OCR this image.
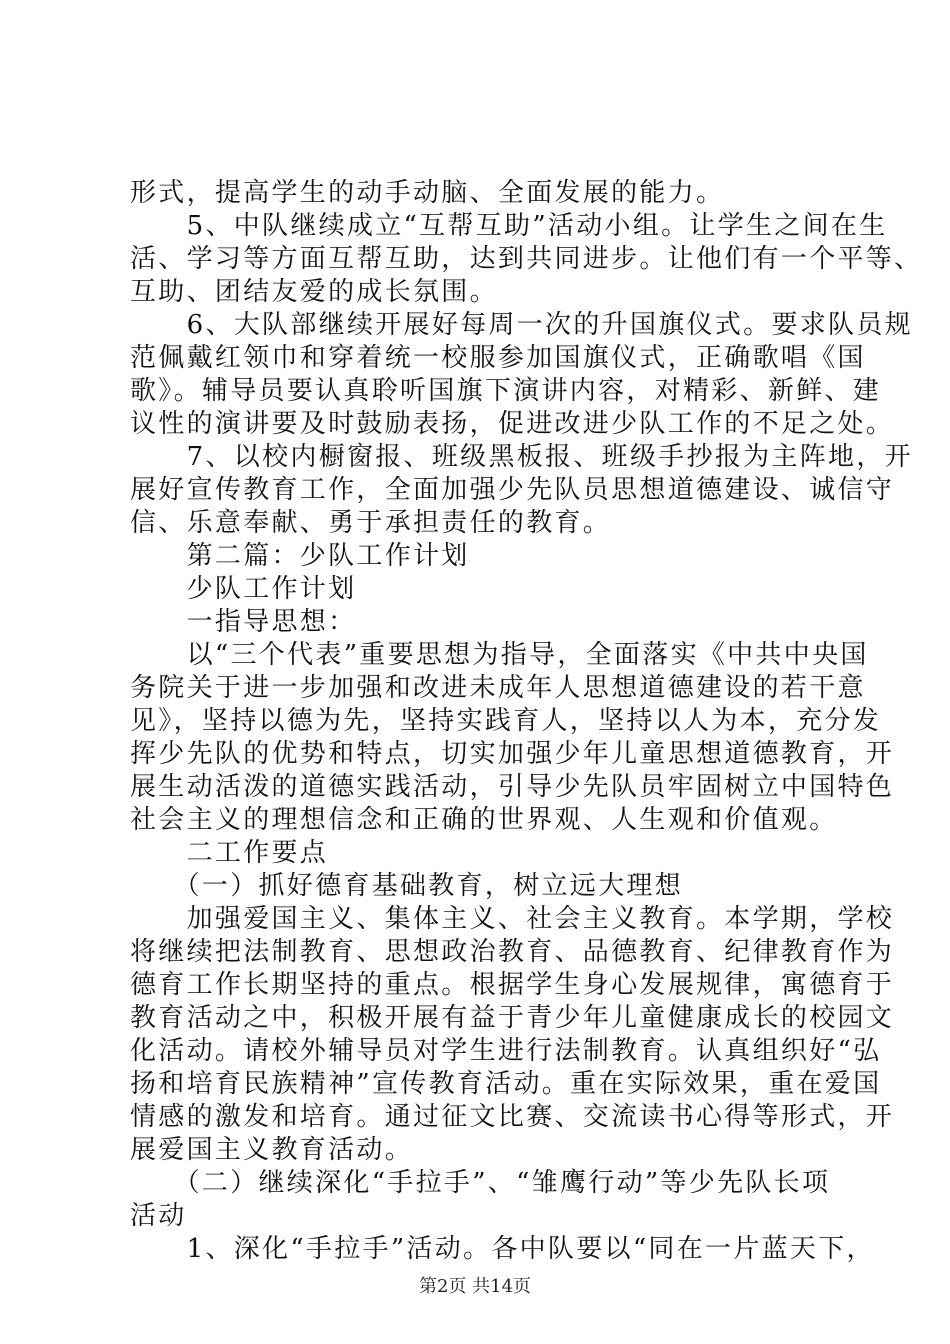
形式，提高学生的动手动脑、全面发展的能力。
　　5、中队继续成立“互帮互助”活动小组。让学生之间在生
活、学习等方面互帮互助，达到共同进步。让他们有一个平等、
互助、团结友爱的成长氛围。
　　6、大队部继续开展好每周一次的升国旗仪式。要求队员规
范佩戴红领巾和穿着统一校服参加国旗仪式，正确歌唱《国
歌》。辅导员要认真聆听国旗下演讲内容，对精彩、新鲜、建
议性的演讲要及时鼓励表扬，促进改进少队工作的不足之处。
　　7、以校内橱窗报、班级黑板报、班级手抄报为主阵地，开
展好宣传教育工作，全面加强少先队员思想道德建设、诚信守
信、乐意奉献、勇于承担责任的教育。
　　第二篇：少队工作计划
　　少队工作计划
　　一指导思想：
　　以“三个代表”重要思想为指导，全面落实《中共中央国
务院关于进一步加强和改进未成年人思想道德建设的若干意
见》，坚持以德为先，坚持实践育人，坚持以人为本，充分发
挥少先队的优势和特点，切实加强少年儿童思想道德教育，开
展生动活泼的道德实践活动，引导少先队员牢固树立中国特色
社会主义的理想信念和正确的世界观、人生观和价值观。
　　二工作要点
　　（一）抓好德育基础教育，树立远大理想
　　加强爱国主义、集体主义、社会主义教育。本学期，学校
将继续把法制教育、思想政治教育、品德教育、纪律教育作为
德育工作长期坚持的重点。根据学生身心发展规律，寓德育于
教育活动之中，积极开展有益于青少年儿童健康成长的校园文
化活动。请校外辅导员对学生进行法制教育。认真组织好“弘
扬和培育民族精神”宣传教育活动。重在实际效果，重在爱国
情感的激发和培育。通过征文比赛、交流读书心得等形式，开
展爱国主义教育活动。
　　（二）继续深化“手拉手”、“雏鹰行动”等少先队长项
活动
　　1、深化“手拉手”活动。各中队要以“同在一片蓝天下，
第2页 共14页
